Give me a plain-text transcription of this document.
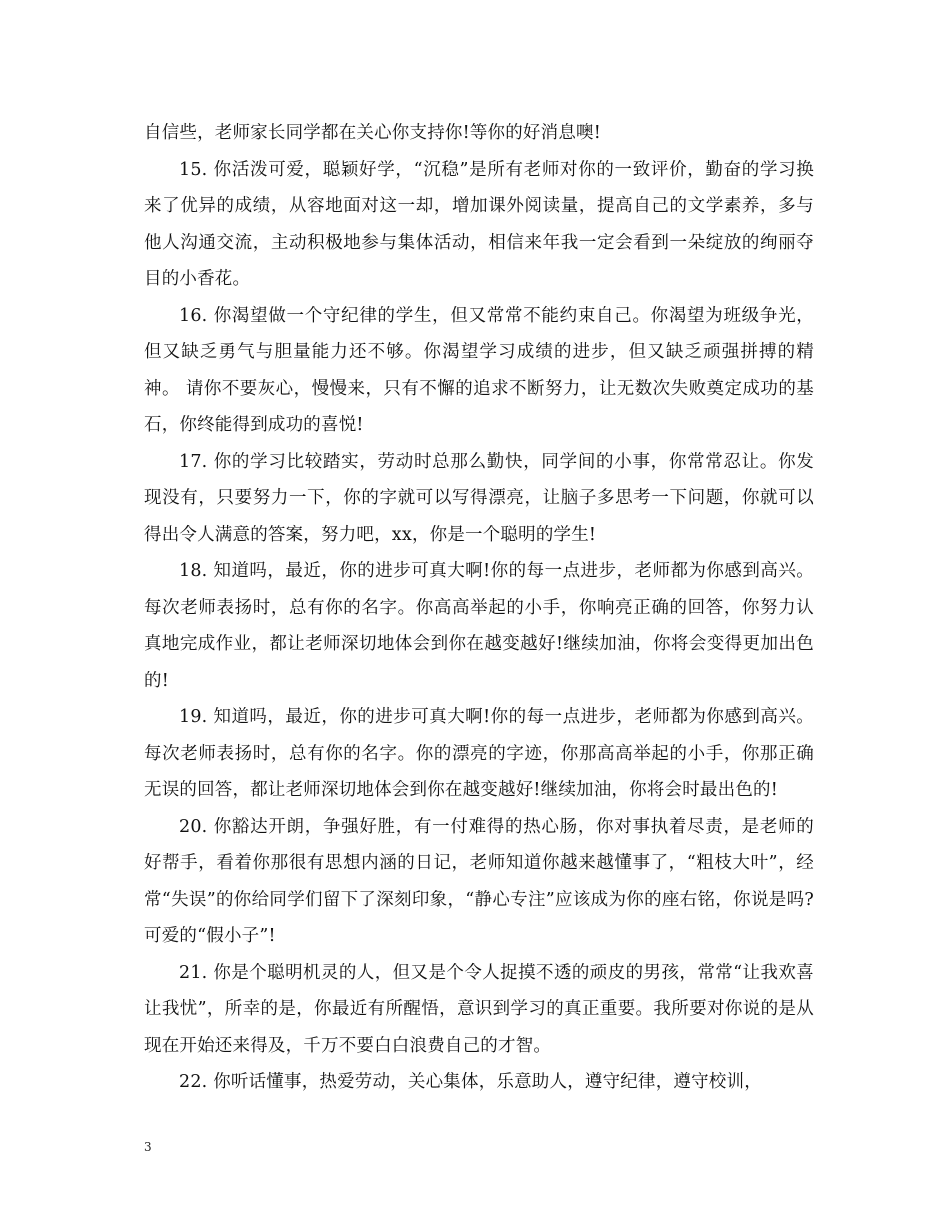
自信些，老师家长同学都在关心你支持你!等你的好消息噢!

15. 你活泼可爱，聪颖好学，“沉稳”是所有老师对你的一致评价，勤奋的学习换来了优异的成绩，从容地面对这一却，增加课外阅读量，提高自己的文学素养，多与他人沟通交流，主动积极地参与集体活动，相信来年我一定会看到一朵绽放的绚丽夺目的小香花。

16. 你渴望做一个守纪律的学生，但又常常不能约束自己。你渴望为班级争光，但又缺乏勇气与胆量能力还不够。你渴望学习成绩的进步，但又缺乏顽强拼搏的精神。 请你不要灰心，慢慢来，只有不懈的追求不断努力，让无数次失败奠定成功的基石，你终能得到成功的喜悦!

17. 你的学习比较踏实，劳动时总那么勤快，同学间的小事，你常常忍让。你发现没有，只要努力一下，你的字就可以写得漂亮，让脑子多思考一下问题，你就可以得出令人满意的答案，努力吧，xx，你是一个聪明的学生!

18. 知道吗，最近，你的进步可真大啊!你的每一点进步，老师都为你感到高兴。每次老师表扬时，总有你的名字。你高高举起的小手，你响亮正确的回答，你努力认真地完成作业，都让老师深切地体会到你在越变越好!继续加油，你将会变得更加出色的!

19. 知道吗，最近，你的进步可真大啊!你的每一点进步，老师都为你感到高兴。每次老师表扬时，总有你的名字。你的漂亮的字迹，你那高高举起的小手，你那正确无误的回答，都让老师深切地体会到你在越变越好!继续加油，你将会时最出色的!

20. 你豁达开朗，争强好胜，有一付难得的热心肠，你对事执着尽责，是老师的好帮手，看着你那很有思想内涵的日记，老师知道你越来越懂事了，“粗枝大叶”，经常“失误”的你给同学们留下了深刻印象，“静心专注”应该成为你的座右铭，你说是吗?可爱的“假小子”!

21. 你是个聪明机灵的人，但又是个令人捉摸不透的顽皮的男孩，常常“让我欢喜让我忧”，所幸的是，你最近有所醒悟，意识到学习的真正重要。我所要对你说的是从现在开始还来得及，千万不要白白浪费自己的才智。

22. 你听话懂事，热爱劳动，关心集体，乐意助人，遵守纪律，遵守校训，

3
